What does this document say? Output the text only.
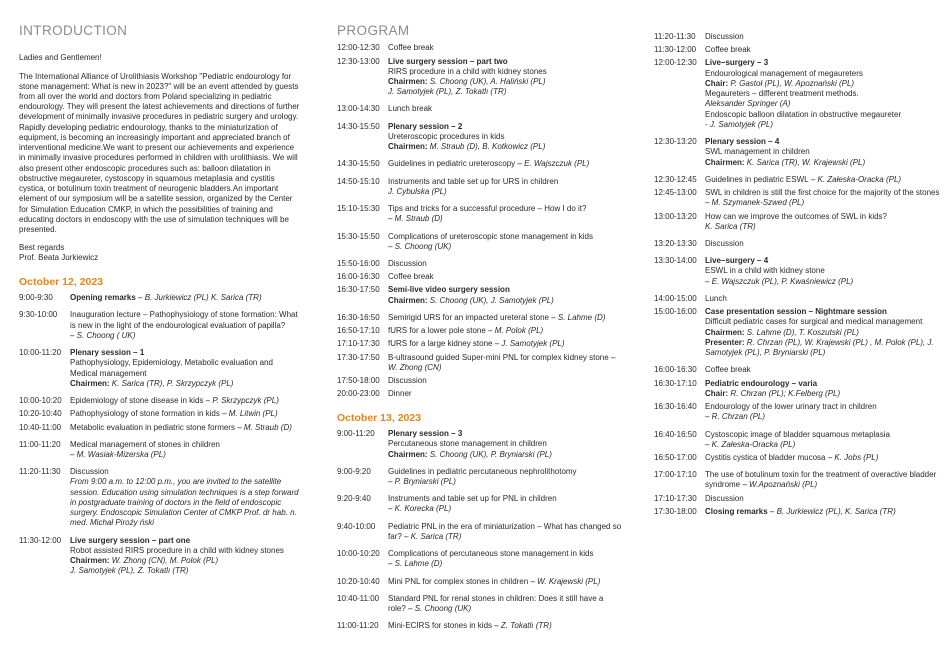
INTRODUCTION
Ladies and Gentlemen!
The International Alliance of Urolithiasis Workshop "Pediatric endourology for stone management: What is new in 2023?" will be an event attended by guests from all over the world and doctors from Poland specializing in pediatric endourology. They will present the latest achievements and directions of further development of minimally invasive procedures in pediatric surgery and urology. Rapidly developing pediatric endourology, thanks to the miniaturization of equipment, is becoming an increasingly important and appreciated branch of interventional medicine.We want to present our achievements and experience in minimally invasive procedures performed in children with urolithiasis. We will also present other endoscopic procedures such as: balloon dilatation in obstructive megaureter, cystoscopy in squamous metaplasia and cystitis cystica, or botulinum toxin treatment of neurogenic bladders.An important element of our symposium will be a satellite session, organized by the Center for Simulation Education CMKP, in which the possibilities of training and educating doctors in endoscopy with the use of simulation techniques will be presented.
Best regards
Prof. Beata Jurkiewicz
October 12, 2023
9:00-9:30	Opening remarks – B. Jurkiewicz (PL) K. Sarica (TR)
9:30-10:00	Inauguration lecture – Pathophysiology of stone formation: What is new in the light of the endourological evaluation of papilla?
– S. Choong ( UK)
10:00-11:20	Plenary session – 1
Pathophysiology, Epidemiology, Metabolic evaluation and Medical management
Chairmen: K. Sarica (TR), P. Skrzypczyk (PL)
10:00-10:20	Epidemiology of stone disease in kids – P. Skrzypczyk (PL)
10:20-10:40	Pathophysiology of stone formation in kids – M. Litwin (PL)
10:40-11:00	Metabolic evaluation in pediatric stone formers – M. Straub (D)
11:00-11:20	Medical management of stones in children
– M. Wasiak-Mizerska (PL)
11:20-11:30	Discussion
From 9:00 a.m. to 12:00 p.m., you are invited to the satellite session. Education using simulation techniques is a step forward in postgraduate training of doctors in the field of endoscopic surgery. Endoscopic Simulation Center of CMKP Prof. dr hab. n. med. Michał Piroży ński
11:30-12:00	Live surgery session – part one
Robot assisted RIRS procedure in a child with kidney stones
Chairmen: W. Zhong (CN), M. Polok (PL)
J. Samotyjek (PL), Z. Tokatlı (TR)
PROGRAM
12:00-12:30	Coffee break
12:30-13:00	Live surgery session – part two
RIRS procedure in a child with kidney stones
Chairmen: S. Choong (UK), A. Haliński (PL)
J. Samotyjek (PL), Z. Tokatlı (TR)
13:00-14:30	Lunch break
14:30-15:50	Plenary session – 2
Ureteroscopic procedures in kids
Chairmen: M. Straub (D), B. Kotkowicz (PL)
14:30-15:50	Guidelines in pediatric ureteroscopy – E. Wajszczuk (PL)
14:50-15:10	Instruments and table set up for URS in children
J. Cybulska (PL)
15:10-15:30	Tips and tricks for a successful procedure – How I do it?
– M. Straub (D)
15:30-15:50	Complications of ureteroscopic stone management in kids
– S. Choong (UK)
15:50-16:00	Discussion
16:00-16:30	Coffee break
16:30-17:50	Semi-live video surgery session
Chairmen: S. Choong (UK), J. Samotyjek (PL)
16:30-16:50	Semirigid URS for an impacted ureteral stone – S. Lahme (D)
16:50-17:10	fURS for a lower pole stone – M. Polok (PL)
17:10-17:30	fURS for a large kidney stone – J. Samotyjek (PL)
17:30-17:50	B-ultrasound guided Super-mini PNL for complex kidney stone – W. Zhong (CN)
17:50-18:00	Discussion
20:00-23:00	Dinner
October 13, 2023
9:00-11:20	Plenary session – 3
Percutaneous stone management in children
Chairmen: S. Choong (UK), P. Bryniarski (PL)
9:00-9:20	Guidelines in pediatric percutaneous nephrolithotomy
– P. Bryniarski (PL)
9:20-9:40	Instruments and table set up for PNL in children
– K. Korecka (PL)
9:40-10:00	Pediatric PNL in the era of miniaturization – What has changed so far? – K. Sarica (TR)
10:00-10:20	Complications of percutaneous stone management in kids
– S. Lahme (D)
10:20-10:40	Mini PNL for complex stones in children – W. Krajewski (PL)
10:40-11:00	Standard PNL for renal stones in children: Does it still have a role? – S. Choong (UK)
11:00-11:20	Mini-ECIRS for stones in kids – Z. Tokatlı (TR)
11:20-11:30	Discussion
11:30-12:00	Coffee break
12:00-12:30	Live–surgery – 3
Endourological management of megaureters
Chair: P. Gastoł (PL), W. Apoznański (PL)
Megaureters – different treatment methods.
Aleksander Springer (A)
Endoscopic balloon dilatation in obstructive megaureter
- J. Samotyjek (PL)
12:30-13:20	Plenary session – 4
SWL management in children
Chairmen: K. Sarica (TR), W. Krajewski (PL)
12:30-12:45	Guidelines in pediatric ESWL – K. Załeska-Oracka (PL)
12:45-13:00	SWL in children is still the first choice for the majority of the stones – M. Szymanek-Szwed (PL)
13:00-13:20	How can we improve the outcomes of SWL in kids?
K. Sarica (TR)
13:20-13:30	Discussion
13:30-14:00	Live–surgery – 4
ESWL in a child with kidney stone
– E. Wajszczuk (PL), P. Kwaśniewicz (PL)
14:00-15:00	Lunch
15:00-16:00	Case presentation session – Nightmare session
Difficult pediatric cases for surgical and medical management
Chairmen: S. Lahme (D), T. Koszutski (PL)
Presenter: R. Chrzan (PL), W. Krajewski (PL) , M. Polok (PL), J. Samotyjek (PL), P. Bryniarski (PL)
16:00-16:30	Coffee break
16:30-17:10	Pediatric endourology – varia
Chair: R. Chrzan (PL); K.Felberg (PL)
16:30-16:40	Endourology of the lower urinary tract in children
– R. Chrzan (PL)
16:40-16:50	Cystoscopic image of bladder squamous metaplasia
– K. Załeska-Oracka (PL)
16:50-17:00	Cystitis cystica of bladder mucosa – K. Jobs (PL)
17:00-17:10	The use of botulinum toxin for the treatment of overactive bladder syndrome – W.Apoznański (PL)
17:10-17:30	Discussion
17:30-18:00	Closing remarks – B. Jurkiewicz (PL), K. Sarica (TR)
